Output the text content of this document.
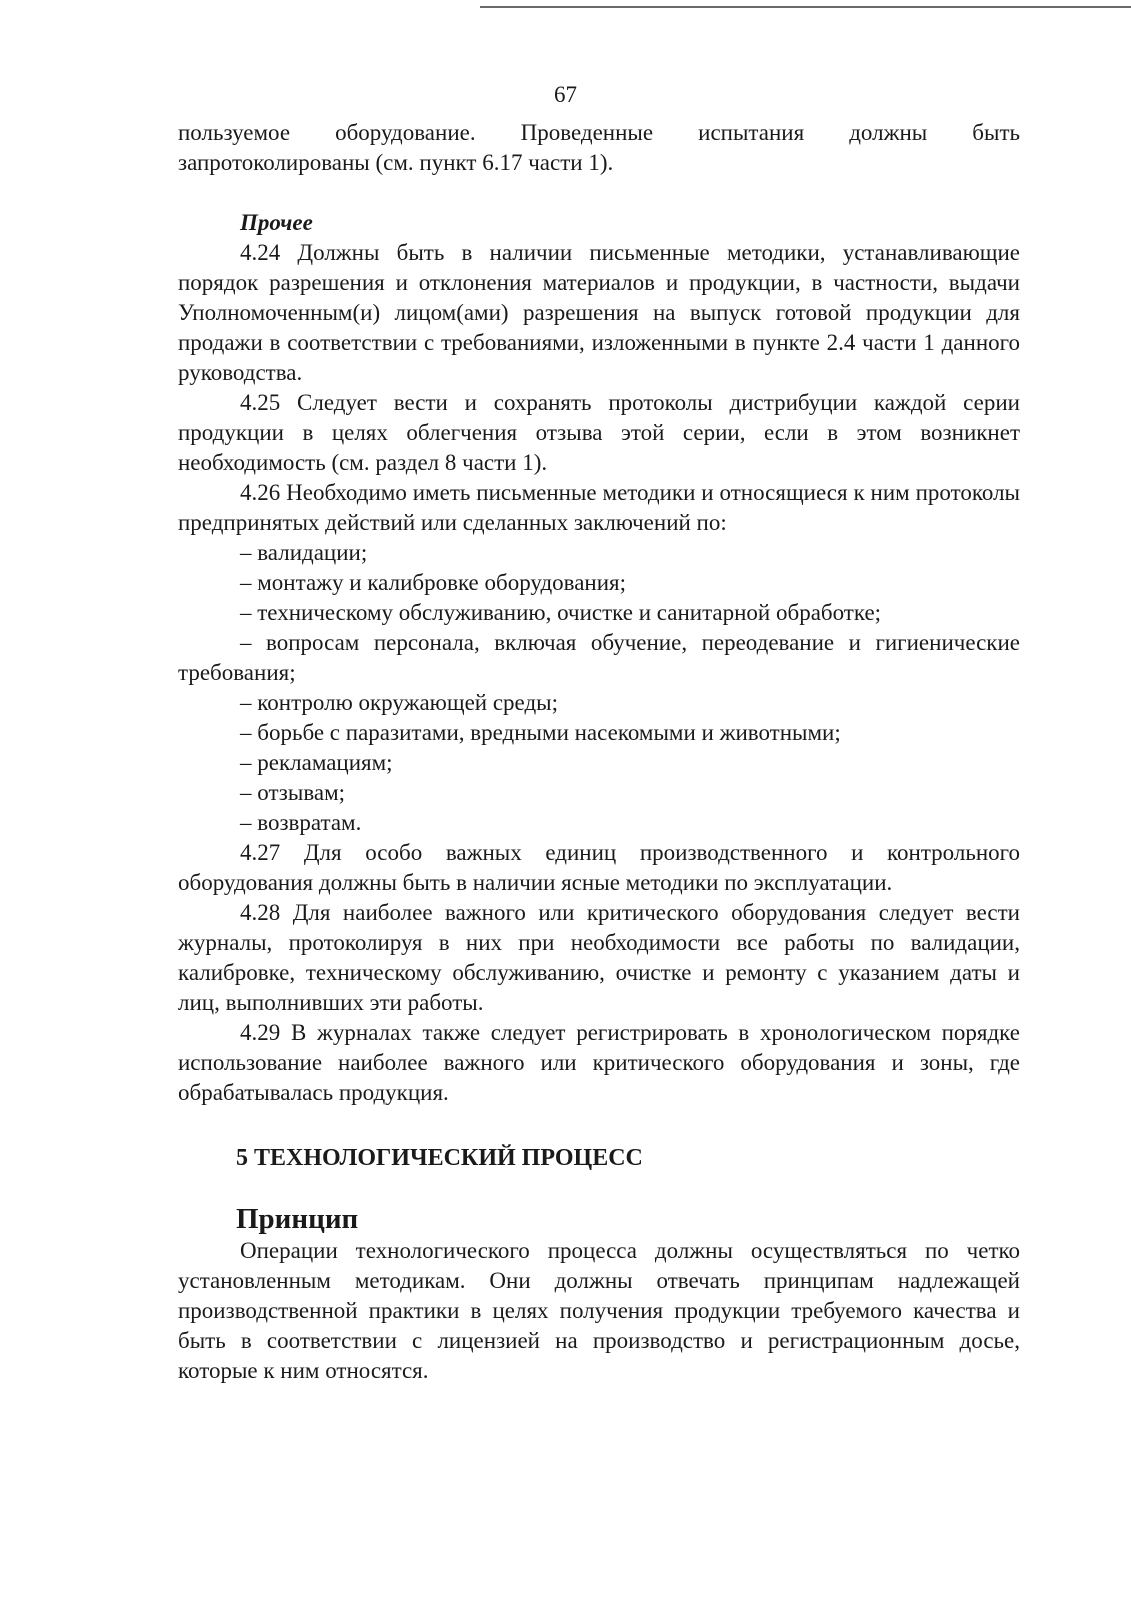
67

пользуемое оборудование. Проведенные испытания должны быть запротоколированы (см. пункт 6.17 части 1).

Прочее

4.24 Должны быть в наличии письменные методики, устанавливающие порядок разрешения и отклонения материалов и продукции, в частности, выдачи Уполномоченным(и) лицом(ами) разрешения на выпуск готовой продукции для продажи в соответствии с требованиями, изложенными в пункте 2.4 части 1 данного руководства.

4.25 Следует вести и сохранять протоколы дистрибуции каждой серии продукции в целях облегчения отзыва этой серии, если в этом возникнет необходимость (см. раздел 8 части 1).

4.26 Необходимо иметь письменные методики и относящиеся к ним протоколы предпринятых действий или сделанных заключений по:

– валидации;
– монтажу и калибровке оборудования;
– техническому обслуживанию, очистке и санитарной обработке;
– вопросам персонала, включая обучение, переодевание и гигиенические требования;
– контролю окружающей среды;
– борьбе с паразитами, вредными насекомыми и животными;
– рекламациям;
– отзывам;
– возвратам.

4.27 Для особо важных единиц производственного и контрольного оборудования должны быть в наличии ясные методики по эксплуатации.

4.28 Для наиболее важного или критического оборудования следует вести журналы, протоколируя в них при необходимости все работы по валидации, калибровке, техническому обслуживанию, очистке и ремонту с указанием даты и лиц, выполнивших эти работы.

4.29 В журналах также следует регистрировать в хронологическом порядке использование наиболее важного или критического оборудования и зоны, где обрабатывалась продукция.

5 ТЕХНОЛОГИЧЕСКИЙ ПРОЦЕСС
Принцип

Операции технологического процесса должны осуществляться по четко установленным методикам. Они должны отвечать принципам надлежащей производственной практики в целях получения продукции требуемого качества и быть в соответствии с лицензией на производство и регистрационным досье, которые к ним относятся.
